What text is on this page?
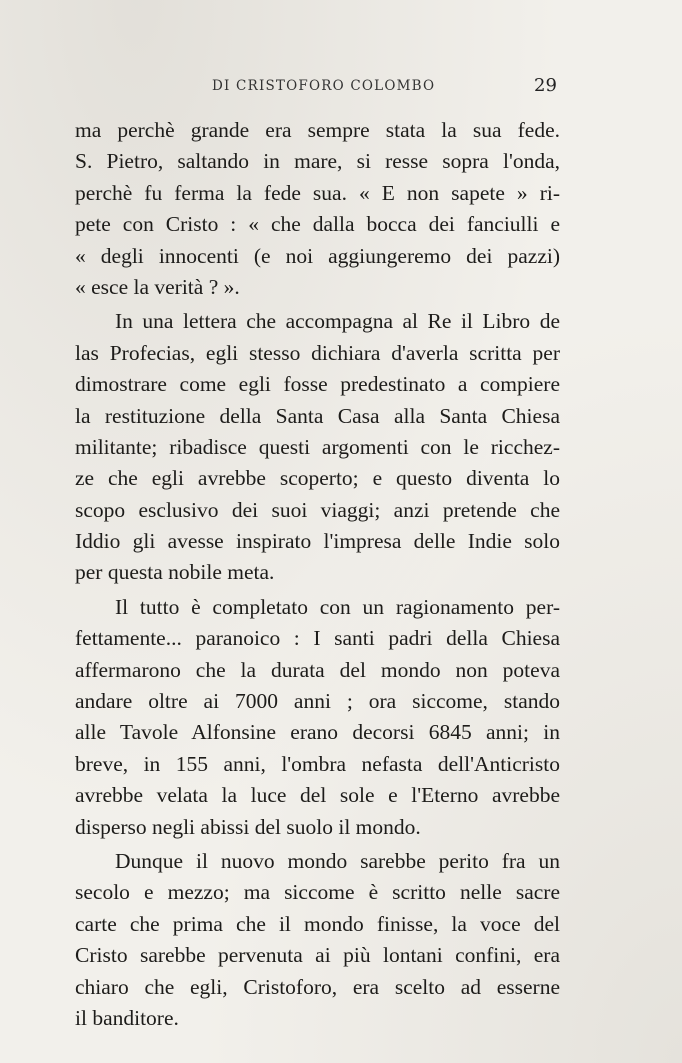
DI CRISTOFORO COLOMBO	29
ma perchè grande era sempre stata la sua fede.
S. Pietro, saltando in mare, si resse sopra l'onda,
perchè fu ferma la fede sua. « E non sapete » ri-
pete con Cristo : « che dalla bocca dei fanciulli e
« degli innocenti (e noi aggiungeremo dei pazzi)
« esce la verità ? ».
In una lettera che accompagna al Re il Libro de
las Profecias, egli stesso dichiara d'averla scritta per
dimostrare come egli fosse predestinato a compiere
la restituzione della Santa Casa alla Santa Chiesa
militante; ribadisce questi argomenti con le ricchez-
ze che egli avrebbe scoperto; e questo diventa lo
scopo esclusivo dei suoi viaggi; anzi pretende che
Iddio gli avesse inspirato l'impresa delle Indie solo
per questa nobile meta.
Il tutto è completato con un ragionamento per-
fettamente... paranoico : I santi padri della Chiesa
affermarono che la durata del mondo non poteva
andare oltre ai 7000 anni ; ora siccome, stando
alle Tavole Alfonsine erano decorsi 6845 anni; in
breve, in 155 anni, l'ombra nefasta dell'Anticristo
avrebbe velata la luce del sole e l'Eterno avrebbe
disperso negli abissi del suolo il mondo.
Dunque il nuovo mondo sarebbe perito fra un
secolo e mezzo; ma siccome è scritto nelle sacre
carte che prima che il mondo finisse, la voce del
Cristo sarebbe pervenuta ai più lontani confini, era
chiaro che egli, Cristoforo, era scelto ad esserne
il banditore.
